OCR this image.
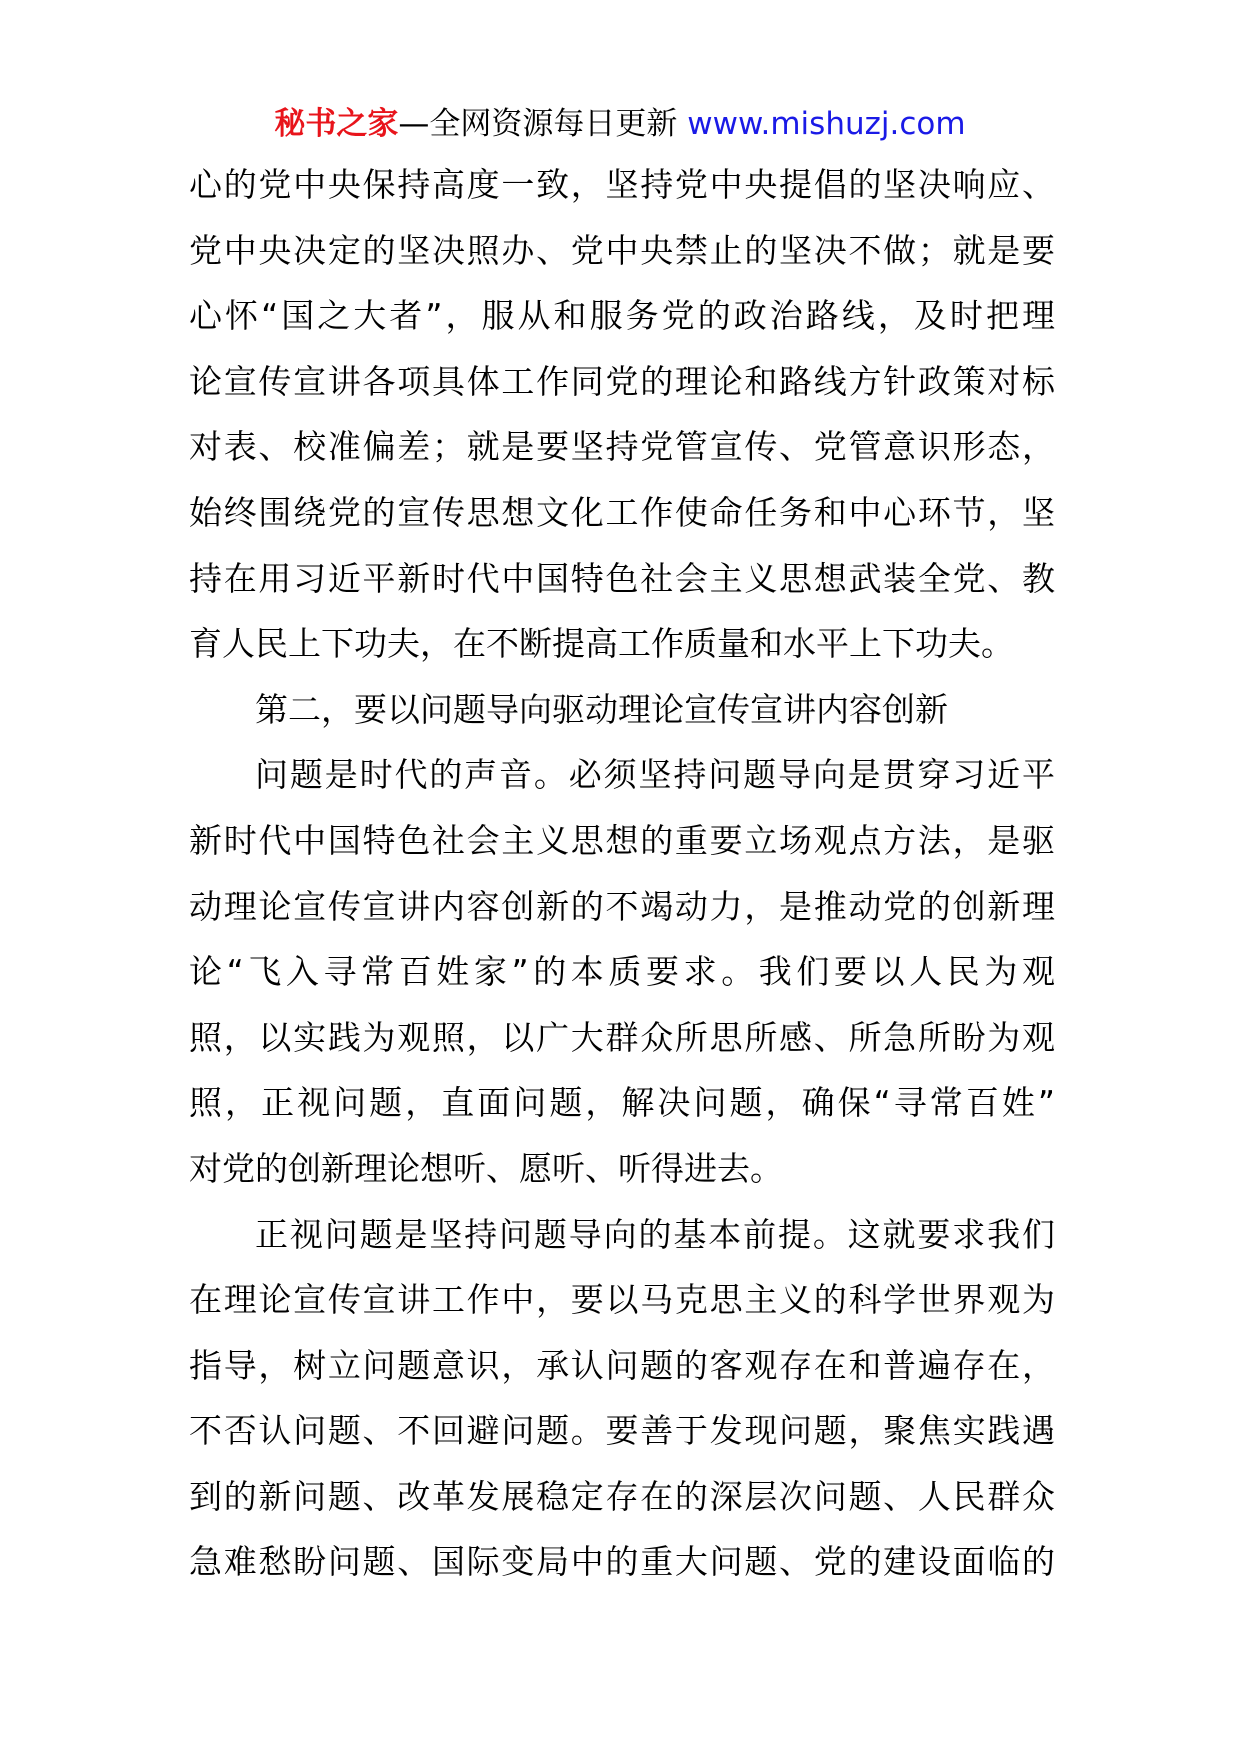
秘书之家—全网资源每日更新 www.mishuzj.com
心的党中央保持高度一致，坚持党中央提倡的坚决响应、
党中央决定的坚决照办、党中央禁止的坚决不做；就是要
心怀“国之大者”，服从和服务党的政治路线，及时把理
论宣传宣讲各项具体工作同党的理论和路线方针政策对标
对表、校准偏差；就是要坚持党管宣传、党管意识形态，
始终围绕党的宣传思想文化工作使命任务和中心环节，坚
持在用习近平新时代中国特色社会主义思想武装全党、教
育人民上下功夫，在不断提高工作质量和水平上下功夫。
第二，要以问题导向驱动理论宣传宣讲内容创新
问题是时代的声音。必须坚持问题导向是贯穿习近平
新时代中国特色社会主义思想的重要立场观点方法，是驱
动理论宣传宣讲内容创新的不竭动力，是推动党的创新理
论“飞入寻常百姓家”的本质要求。我们要以人民为观
照，以实践为观照，以广大群众所思所感、所急所盼为观
照，正视问题，直面问题，解决问题，确保“寻常百姓”
对党的创新理论想听、愿听、听得进去。
正视问题是坚持问题导向的基本前提。这就要求我们
在理论宣传宣讲工作中，要以马克思主义的科学世界观为
指导，树立问题意识，承认问题的客观存在和普遍存在，
不否认问题、不回避问题。要善于发现问题，聚焦实践遇
到的新问题、改革发展稳定存在的深层次问题、人民群众
急难愁盼问题、国际变局中的重大问题、党的建设面临的
